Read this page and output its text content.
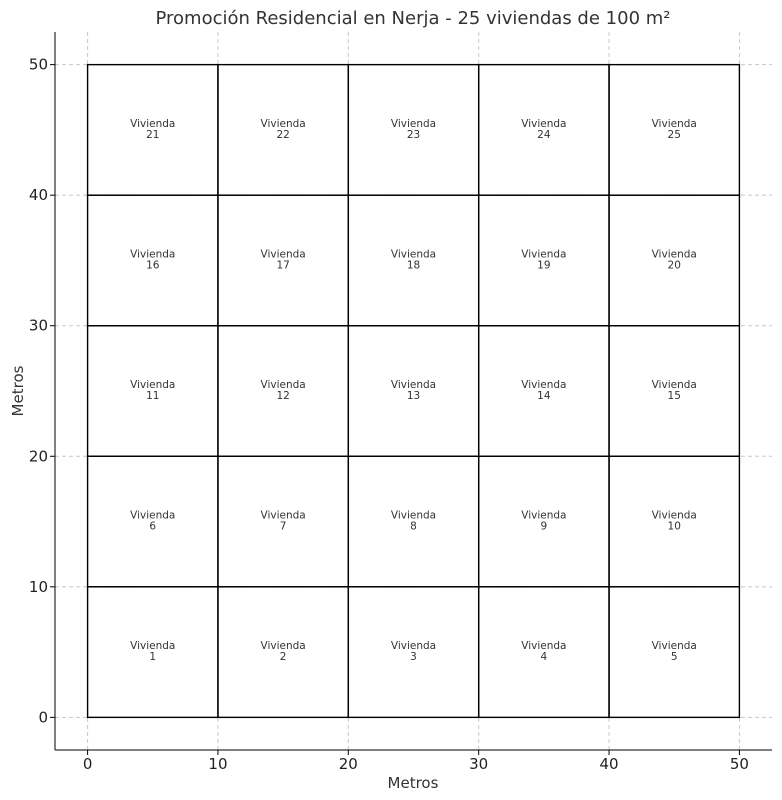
Promoción Residencial en Nerja - 25 viviendas de 100 m²
0	10	20	30	40	50
0
10
20
30
40
50
Vivienda
1
Vivienda
2
Vivienda
3
Vivienda
4
Vivienda
5
Vivienda
6
Vivienda
7
Vivienda
8
Vivienda
9
Vivienda
10
Vivienda
11
Vivienda
12
Vivienda
13
Vivienda
14
Vivienda
15
Vivienda
16
Vivienda
17
Vivienda
18
Vivienda
19
Vivienda
20
Vivienda
21
Vivienda
22
Vivienda
23
Vivienda
24
Vivienda
25
Metros
Metros
